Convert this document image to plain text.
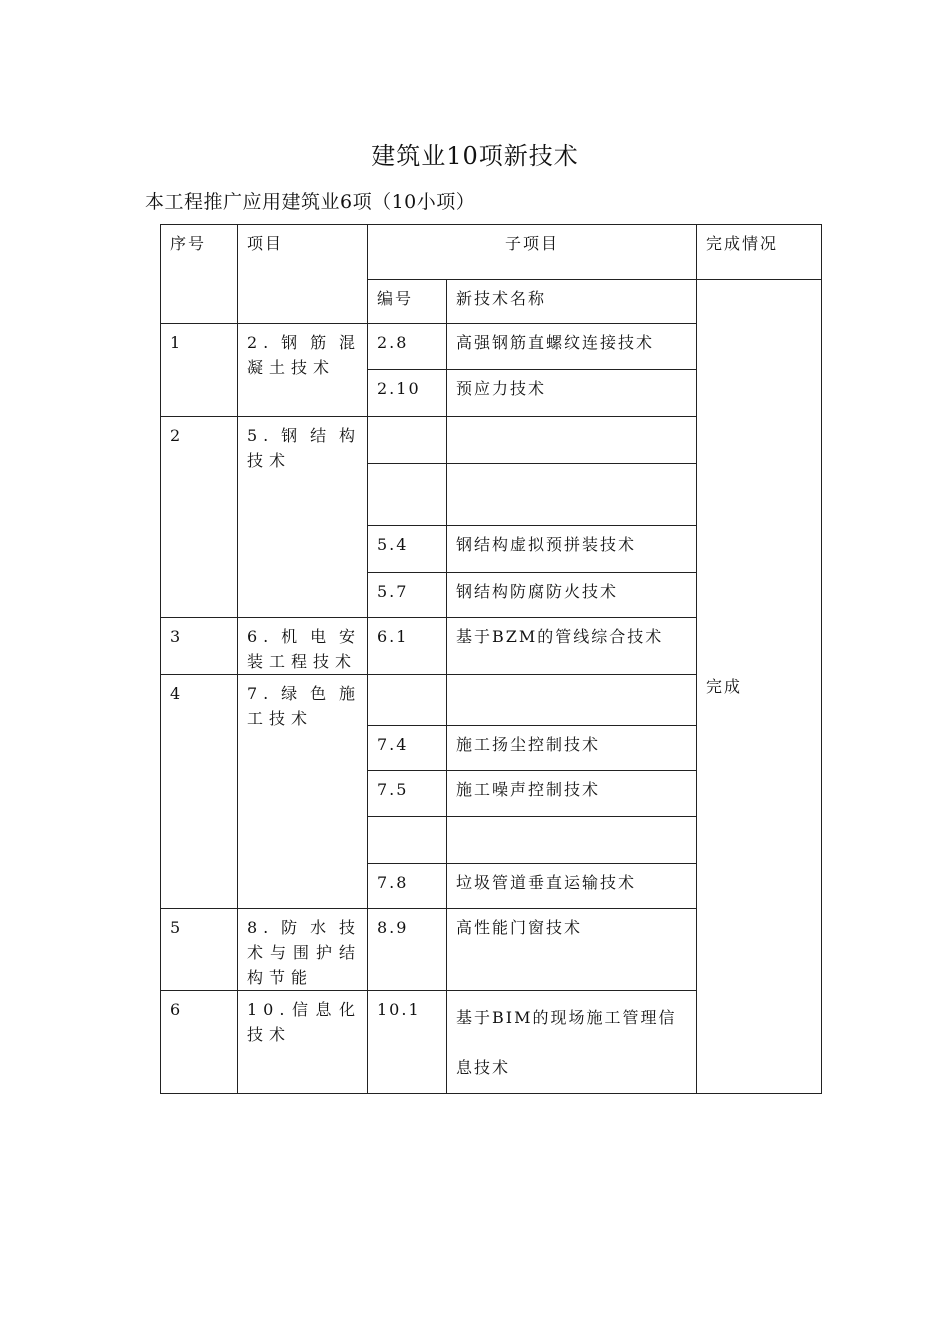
建筑业10项新技术
本工程推广应用建筑业6项（10小项）
序号	项目	子项目		完成情况
		编号	新技术名称	完成
1	2.钢筋混凝土技术	2.8	高强钢筋直螺纹连接技术	
		2.10	预应力技术	
2	5.钢结构技术			

		5.4	钢结构虚拟预拼装技术	
		5.7	钢结构防腐防火技术	
3	6.机电安装工程技术	6.1	基于BZM的管线综合技术	
4	7.绿色施工技术			
		7.4	施工扬尘控制技术	
		7.5	施工噪声控制技术	

		7.8	垃圾管道垂直运输技术	
5	8.防水技术与围护结构节能	8.9	高性能门窗技术	
6	10.信息化技术	10.1	基于BIM的现场施工管理信息技术	
